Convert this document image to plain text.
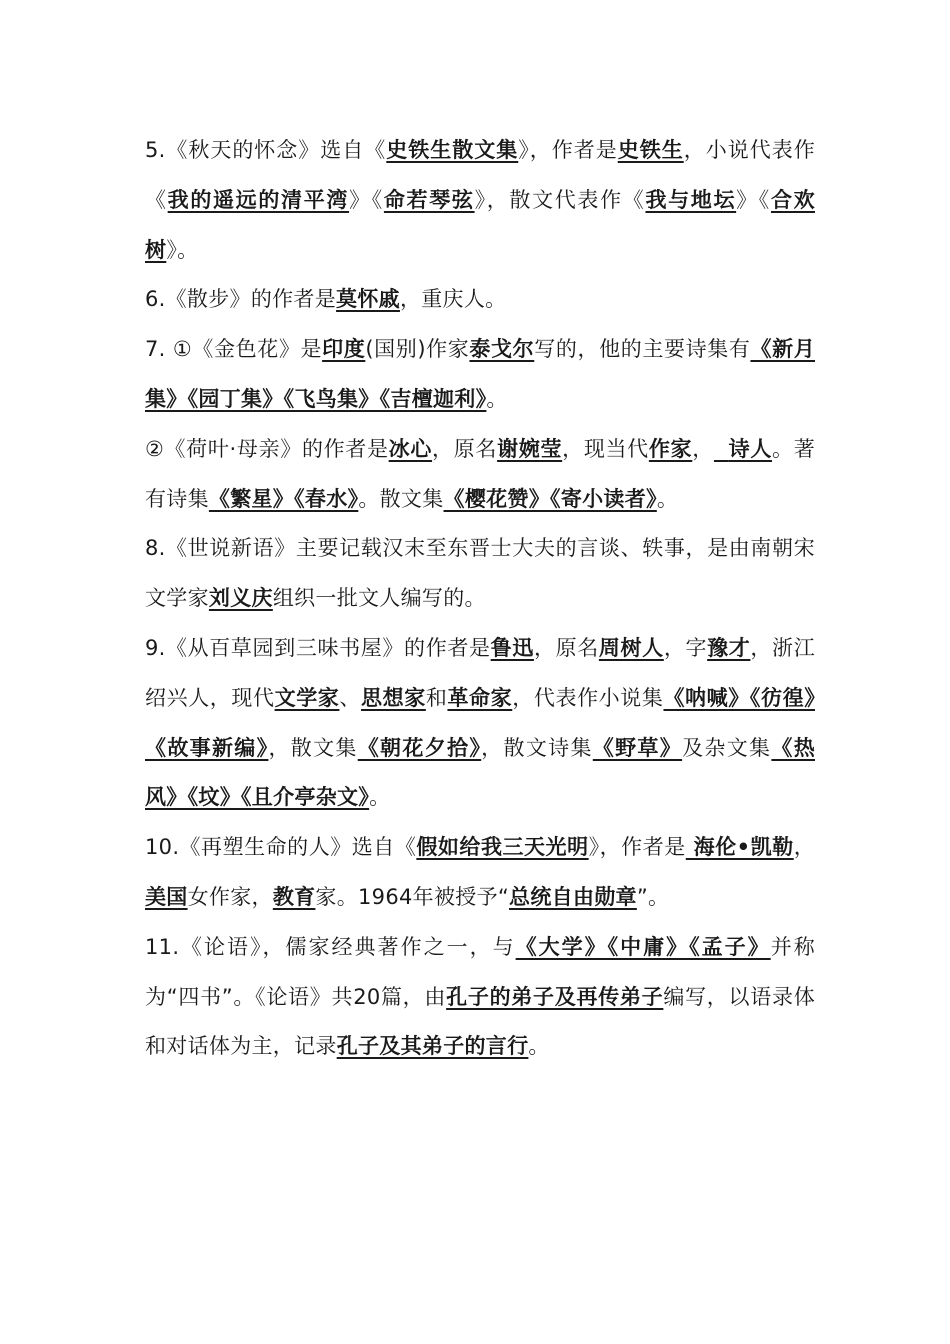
5.《秋天的怀念》选自《史铁生散文集》，作者是史铁生，小说代表作《我的遥远的清平湾》《命若琴弦》，散文代表作《我与地坛》《合欢树》。

6.《散步》的作者是莫怀戚，重庆人。

7. ①《金色花》是印度(国别)作家泰戈尔写的，他的主要诗集有《新月集》《园丁集》《飞鸟集》《吉檀迦利》。

②《荷叶·母亲》的作者是冰心，原名谢婉莹，现当代作家， 诗人。著有诗集《繁星》《春水》。散文集《樱花赞》《寄小读者》。

8.《世说新语》主要记载汉末至东晋士大夫的言谈、轶事，是由南朝宋文学家刘义庆组织一批文人编写的。

9.《从百草园到三味书屋》的作者是鲁迅，原名周树人，字豫才，浙江绍兴人，现代文学家、思想家和革命家，代表作小说集《呐喊》《彷徨》《故事新编》，散文集《朝花夕拾》，散文诗集《野草》及杂文集《热风》《坟》《且介亭杂文》。

10.《再塑生命的人》选自《假如给我三天光明》，作者是 海伦•凯勒，美国女作家，教育家。1964年被授予“总统自由勋章”。

11.《论语》，儒家经典著作之一，与《大学》《中庸》《孟子》并称为“四书”。《论语》共20篇，由孔子的弟子及再传弟子编写，以语录体和对话体为主，记录孔子及其弟子的言行。
